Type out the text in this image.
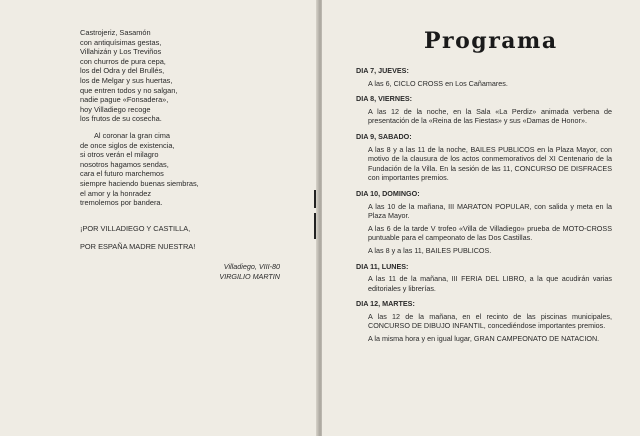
Castrojeriz, Sasamón
con antiquísimas gestas,
Villahizán y Los Treviños
con churros de pura cepa,
los del Odra y del Brullés,
los de Melgar y sus huertas,
que entren todos y no salgan,
nadie pague «Fonsadera»,
hoy Villadiego recoge
los frutos de su cosecha.
Al coronar la gran cima
de once siglos de existencia,
si otros verán el milagro
nosotros hagamos sendas,
cara el futuro marchemos
siempre haciendo buenas siembras,
el amor y la honradez
tremolemos por bandera.
¡POR VILLADIEGO Y CASTILLA,
POR ESPAÑA MADRE NUESTRA!
Villadiego, VIII-80
VIRGILIO MARTIN
Programa
DIA 7, JUEVES:
A las 6, CICLO CROSS en Los Cañamares.
DIA 8, VIERNES:
A las 12 de la noche, en la Sala «La Perdiz» animada verbena de presentación de la «Reina de las Fiestas» y sus «Damas de Honor».
DIA 9, SABADO:
A las 8 y a las 11 de la noche, BAILES PUBLICOS en la Plaza Mayor, con motivo de la clausura de los actos conmemorativos del XI Centenario de la Fundación de la Villa. En la sesión de las 11, CONCURSO DE DISFRACES con importantes premios.
DIA 10, DOMINGO:
A las 10 de la mañana, III MARATON POPULAR, con salida y meta en la Plaza Mayor.
A las 6 de la tarde V trofeo «Villa de Villadiego» prueba de MOTO-CROSS puntuable para el campeonato de las Dos Castillas.
A las 8 y a las 11, BAILES PUBLICOS.
DIA 11, LUNES:
A las 11 de la mañana, III FERIA DEL LIBRO, a la que acudirán varias editoriales y librerías.
DIA 12, MARTES:
A las 12 de la mañana, en el recinto de las piscinas municipales, CONCURSO DE DIBUJO INFANTIL, concediéndose importantes premios.
A la misma hora y en igual lugar, GRAN CAMPEONATO DE NATACION.
